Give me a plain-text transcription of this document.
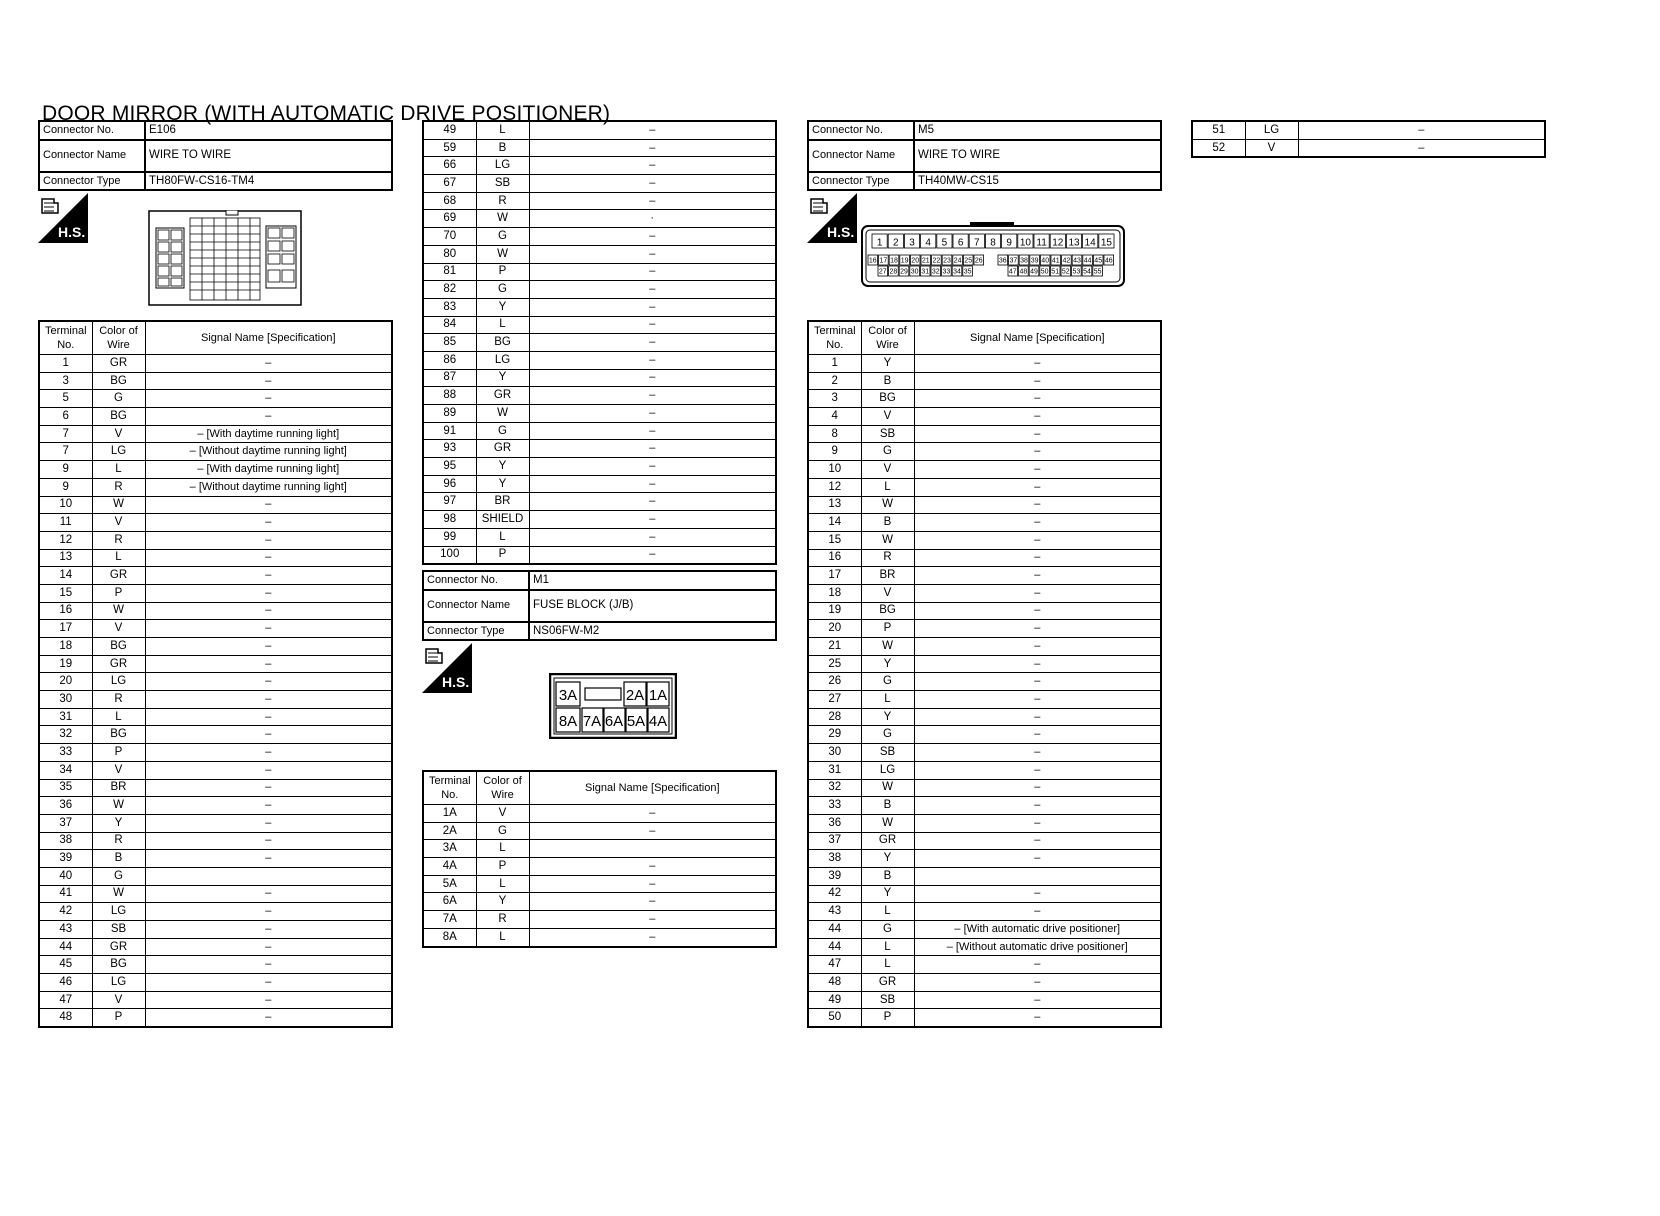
DOOR MIRROR (WITH AUTOMATIC DRIVE POSITIONER)
Connector No.	E106
Connector Name	WIRE TO WIRE
Connector Type	TH80FW-CS16-TM4
H.S.
Terminal No.	Color of Wire	Signal Name [Specification]
1	GR	–
3	BG	–
5	G	–
6	BG	–
7	V	– [With daytime running light]
7	LG	– [Without daytime running light]
9	L	– [With daytime running light]
9	R	– [Without daytime running light]
10	W	–
11	V	–
12	R	–
13	L	–
14	GR	–
15	P	–
16	W	–
17	V	–
18	BG	–
19	GR	–
20	LG	–
30	R	–
31	L	–
32	BG	–
33	P	–
34	V	–
35	BR	–
36	W	–
37	Y	–
38	R	–
39	B	–
40	G	
41	W	–
42	LG	–
43	SB	–
44	GR	–
45	BG	–
46	LG	–
47	V	–
48	P	–
49	L	–
59	B	–
66	LG	–
67	SB	–
68	R	–
69	W	·
70	G	–
80	W	–
81	P	–
82	G	–
83	Y	–
84	L	–
85	BG	–
86	LG	–
87	Y	–
88	GR	–
89	W	–
91	G	–
93	GR	–
95	Y	–
96	Y	–
97	BR	–
98	SHIELD	–
99	L	–
100	P	–
Connector No.	M1
Connector Name	FUSE BLOCK (J/B)
Connector Type	NS06FW-M2
H.S.
3A	2A 1A
8A 7A 6A 5A 4A
Terminal No.	Color of Wire	Signal Name [Specification]
1A	V	–
2A	G	–
3A	L	
4A	P	–
5A	L	–
6A	Y	–
7A	R	–
8A	L	–
Connector No.	M5
Connector Name	WIRE TO WIRE
Connector Type	TH40MW-CS15
H.S.
1 2 3 4 5 6 7 8 9 10 11 12 13 14 15
16 17 18 19 20 21 22 23 24 25 26 36 37 38 39 40 41 42 43 44 45 46
27 28 29 30 31 32 33 34 35	47 48 49 50 51 52 53 54 55
Terminal No.	Color of Wire	Signal Name [Specification]
1	Y	–
2	B	–
3	BG	–
4	V	–
8	SB	–
9	G	–
10	V	–
12	L	–
13	W	–
14	B	–
15	W	–
16	R	–
17	BR	–
18	V	–
19	BG	–
20	P	–
21	W	–
25	Y	–
26	G	–
27	L	–
28	Y	–
29	G	–
30	SB	–
31	LG	–
32	W	–
33	B	–
36	W	–
37	GR	–
38	Y	–
39	B	
42	Y	–
43	L	–
44	G	– [With automatic drive positioner]
44	L	– [Without automatic drive positioner]
47	L	–
48	GR	–
49	SB	–
50	P	–
51	LG	–
52	V	–
